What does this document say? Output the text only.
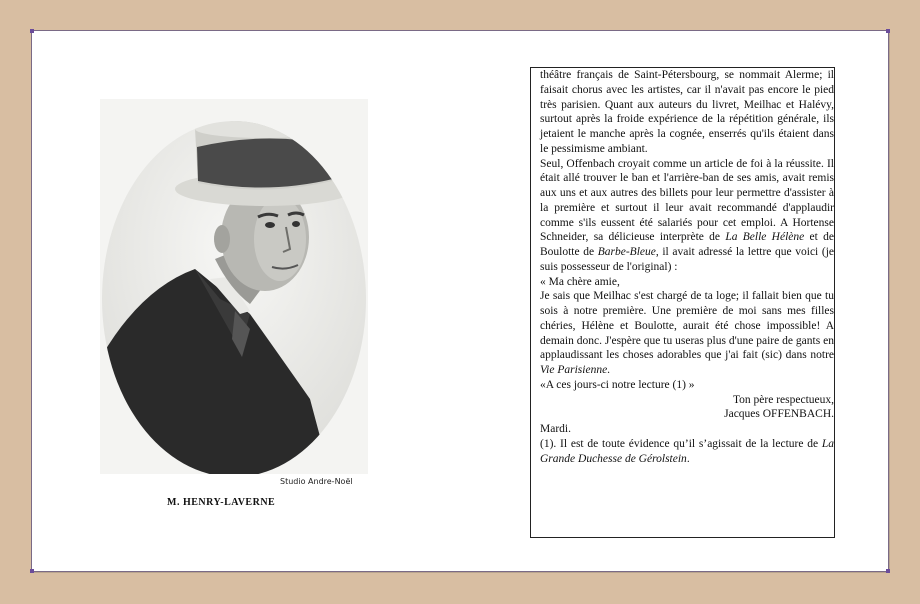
Studio Andre-Noël
M. HENRY-LAVERNE

théâtre français de Saint-Pétersbourg, se nommait Alerme; il faisait chorus avec les artistes, car il n'avait pas encore le pied très parisien. Quant aux auteurs du livret, Meilhac et Halévy, surtout après la froide expérience de la répétition générale, ils jetaient le manche après la cognée, enserrés qu'ils étaient dans le pessimisme ambiant.

Seul, Offenbach croyait comme un article de foi à la réussite. Il était allé trouver le ban et l'arrière-ban de ses amis, avait remis aux uns et aux autres des billets pour leur permettre d'assister à la première et surtout il leur avait recommandé d'applaudir comme s'ils eussent été salariés pour cet emploi. A Hortense Schneider, sa délicieuse interprète de La Belle Hélène et de Boulotte de Barbe-Bleue, il avait adressé la lettre que voici (je suis possesseur de l'original) :

« Ma chère amie,

Je sais que Meilhac s'est chargé de ta loge; il fallait bien que tu sois à notre première. Une première de moi sans mes filles chéries, Hélène et Boulotte, aurait été chose impossible! A demain donc. J'espère que tu useras plus d'une paire de gants en applaudissant les choses adorables que j'ai fait (sic) dans notre Vie Parisienne.

«A ces jours-ci notre lecture (1) »

Ton père respectueux,

Jacques OFFENBACH.

Mardi.

(1). Il est de toute évidence qu’il s’agissait de la lecture de La Grande Duchesse de Gérolstein.
